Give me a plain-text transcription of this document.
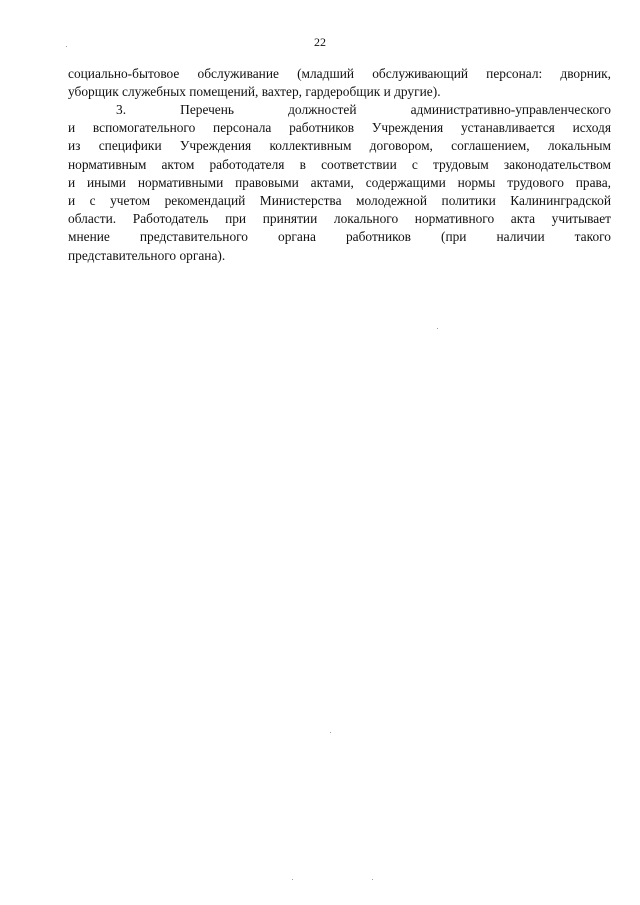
22
социально-бытовое обслуживание (младший обслуживающий персонал: дворник,
уборщик служебных помещений, вахтер, гардеробщик и другие).
3. Перечень должностей административно-управленческого
и вспомогательного персонала работников Учреждения устанавливается исходя
из специфики Учреждения коллективным договором, соглашением, локальным
нормативным актом работодателя в соответствии с трудовым законодательством
и иными нормативными правовыми актами, содержащими нормы трудового права,
и с учетом рекомендаций Министерства молодежной политики Калининградской
области. Работодатель при принятии локального нормативного акта учитывает
мнение представительного органа работников (при наличии такого
представительного органа).
